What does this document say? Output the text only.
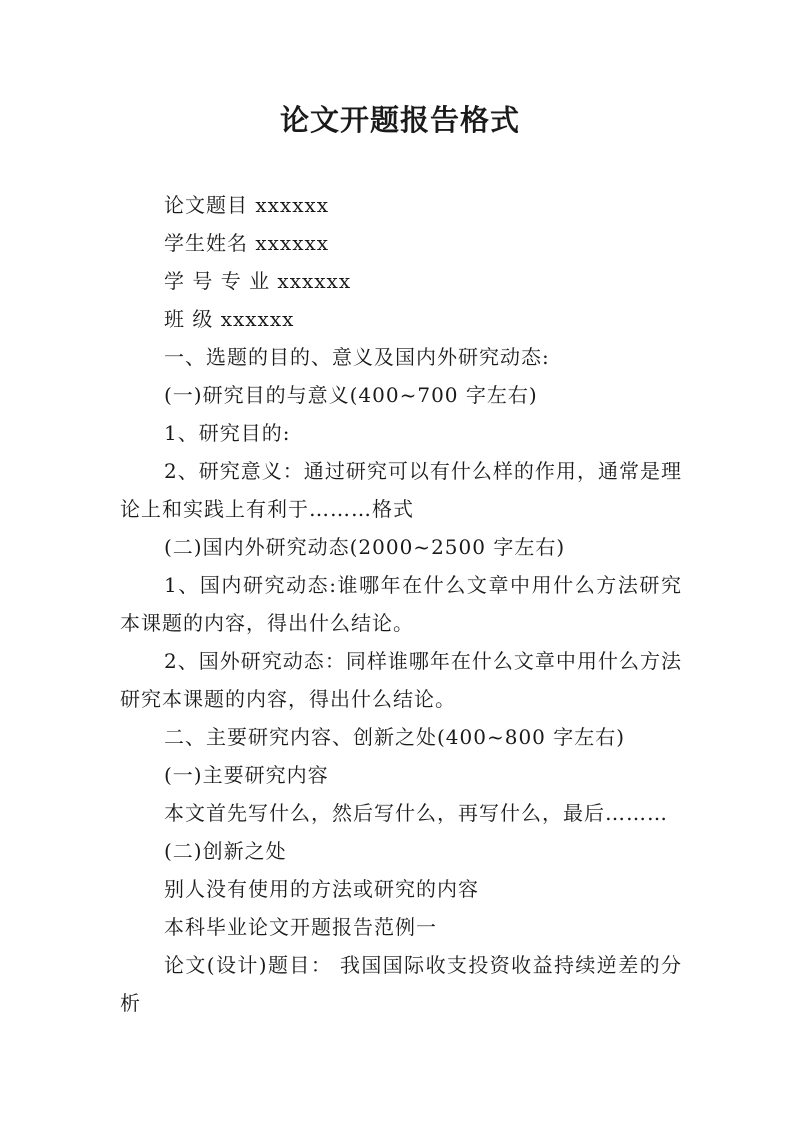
论文开题报告格式
论文题目 xxxxxx
学生姓名 xxxxxx
学 号 专 业 xxxxxx
班 级 xxxxxx
一、选题的目的、意义及国内外研究动态:
(一)研究目的与意义(400~700 字左右)
1、研究目的:
2、研究意义：通过研究可以有什么样的作用，通常是理论上和实践上有利于………格式
(二)国内外研究动态(2000~2500 字左右)
1、国内研究动态:谁哪年在什么文章中用什么方法研究本课题的内容，得出什么结论。
2、国外研究动态：同样谁哪年在什么文章中用什么方法研究本课题的内容，得出什么结论。
二、主要研究内容、创新之处(400~800 字左右)
(一)主要研究内容
本文首先写什么，然后写什么，再写什么，最后………
(二)创新之处
别人没有使用的方法或研究的内容
本科毕业论文开题报告范例一
论文(设计)题目： 我国国际收支投资收益持续逆差的分析
